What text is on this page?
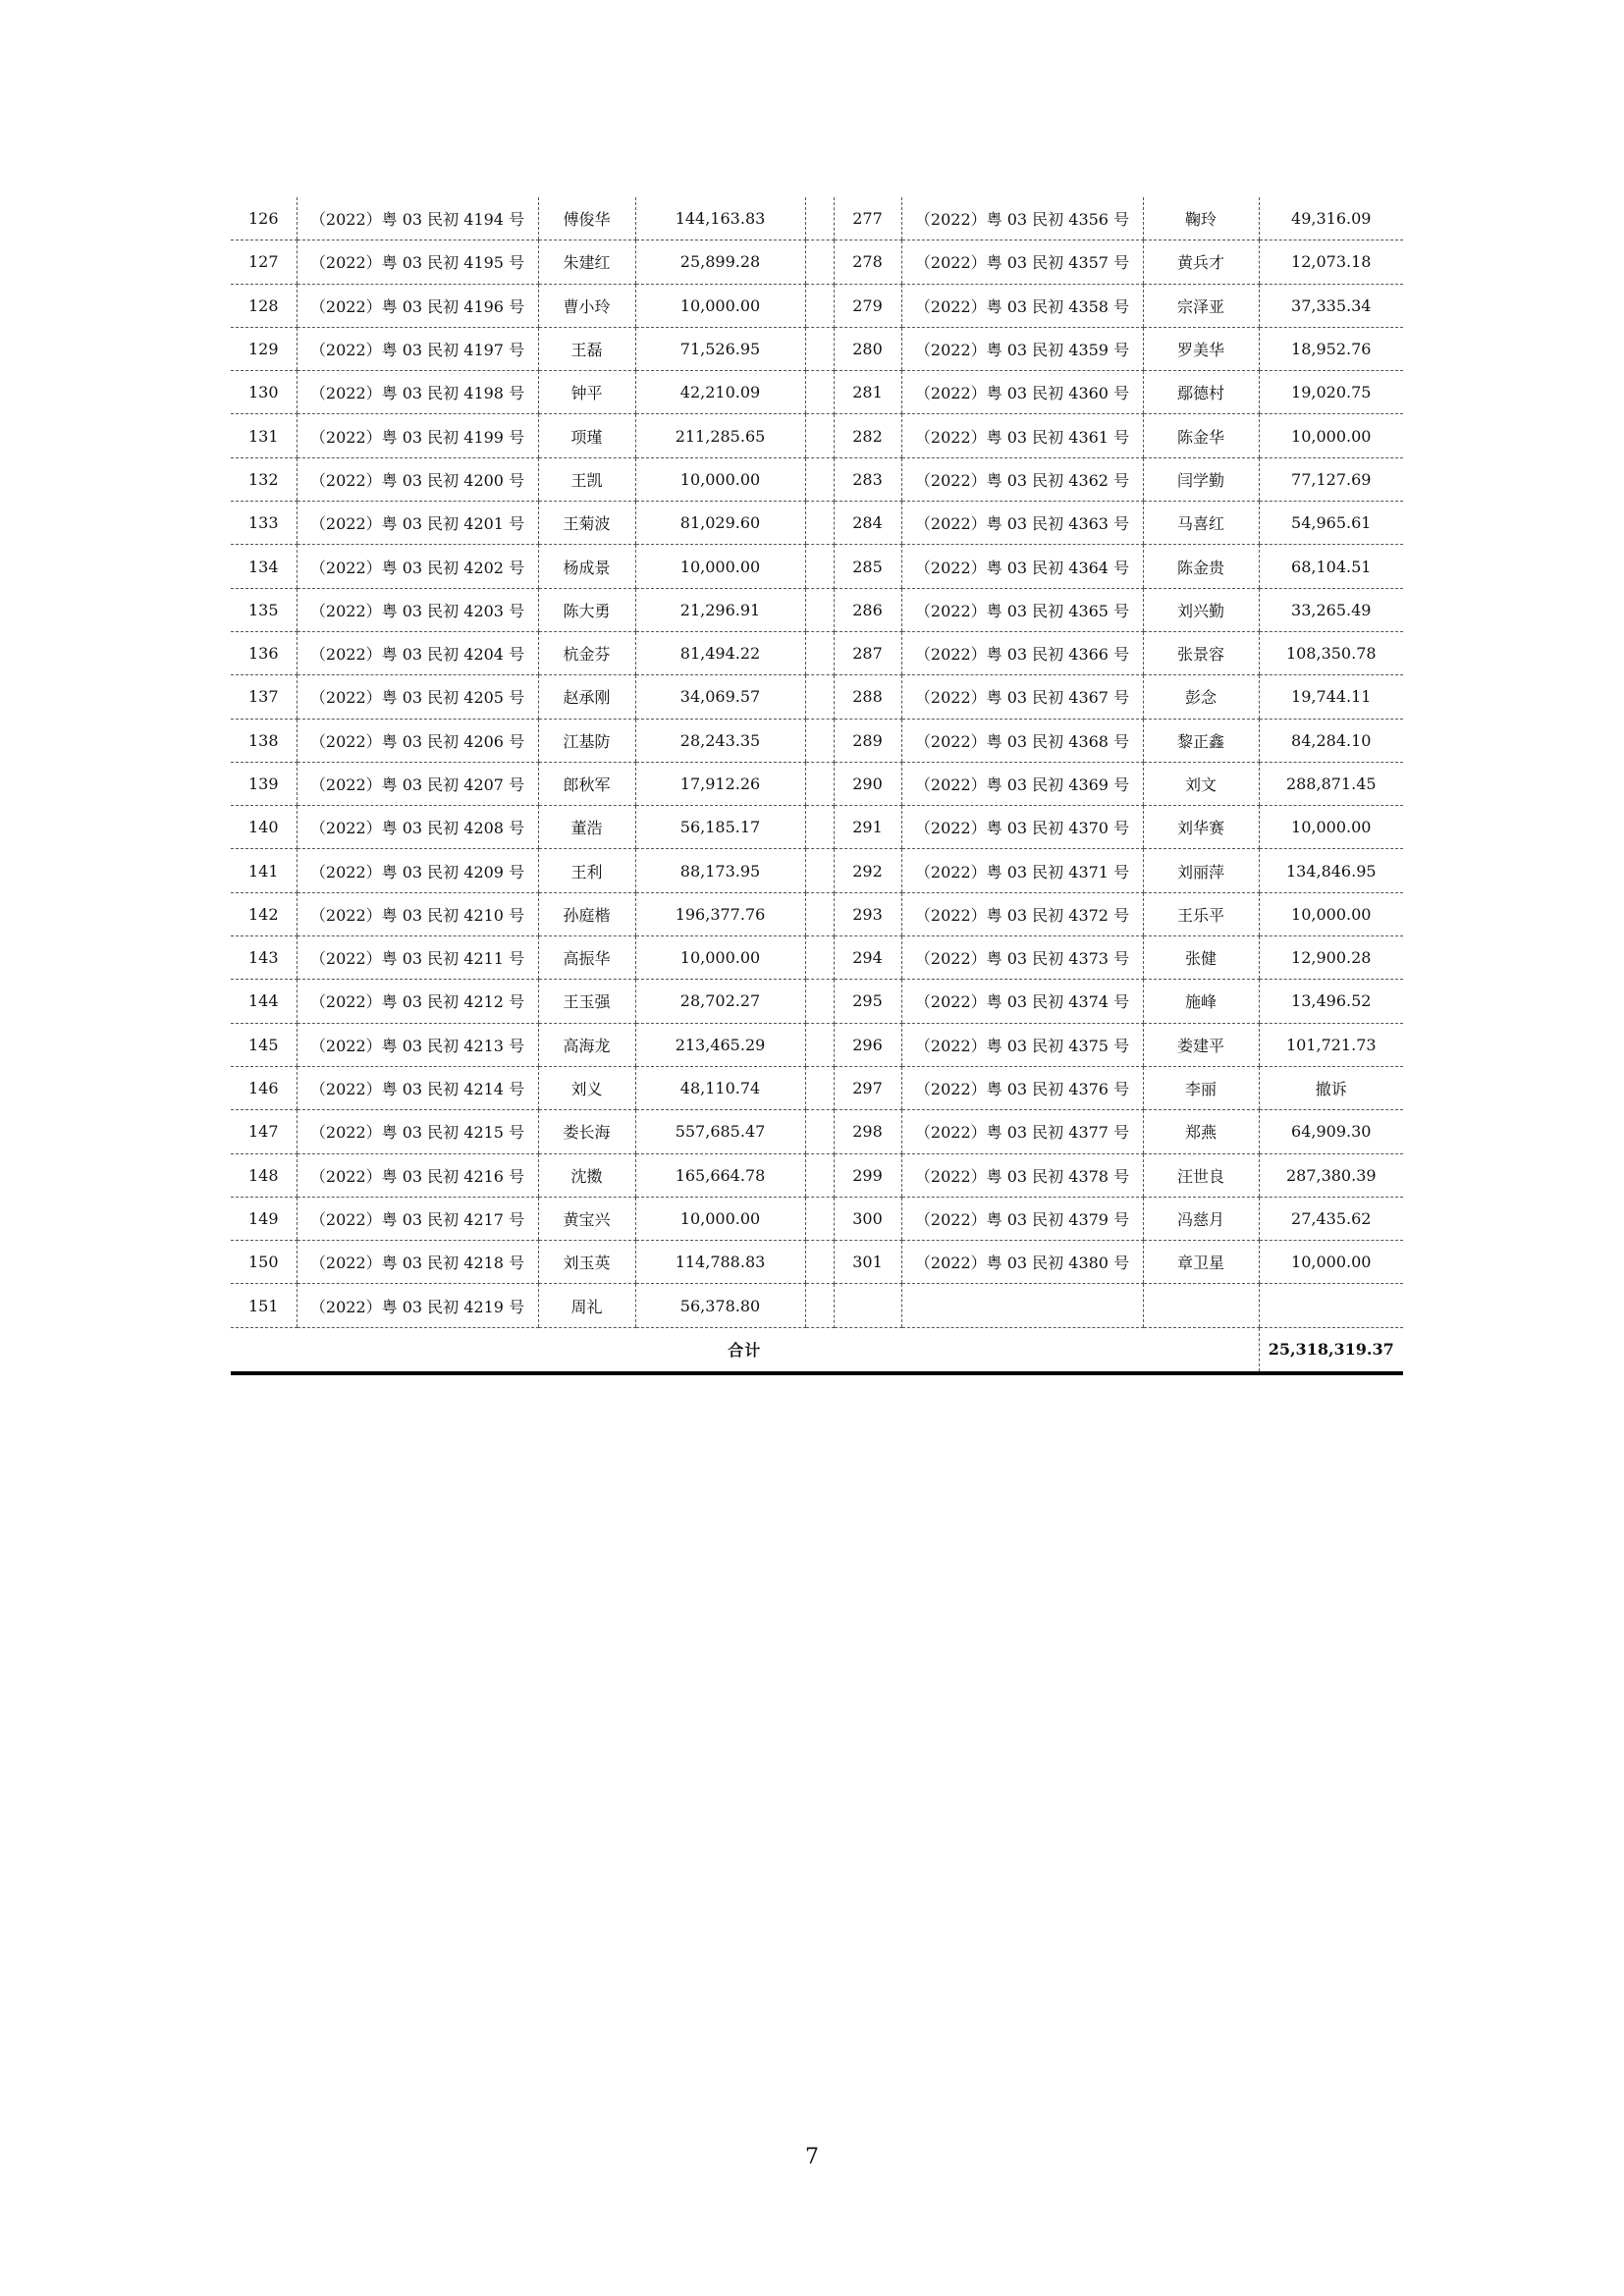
126	（2022）粤 03 民初 4194 号	傅俊华	144,163.83		277	（2022）粤 03 民初 4356 号	鞠玲	49,316.09
127	（2022）粤 03 民初 4195 号	朱建红	25,899.28		278	（2022）粤 03 民初 4357 号	黄兵才	12,073.18
128	（2022）粤 03 民初 4196 号	曹小玲	10,000.00		279	（2022）粤 03 民初 4358 号	宗泽亚	37,335.34
129	（2022）粤 03 民初 4197 号	王磊	71,526.95		280	（2022）粤 03 民初 4359 号	罗美华	18,952.76
130	（2022）粤 03 民初 4198 号	钟平	42,210.09		281	（2022）粤 03 民初 4360 号	鄢德村	19,020.75
131	（2022）粤 03 民初 4199 号	项瑾	211,285.65		282	（2022）粤 03 民初 4361 号	陈金华	10,000.00
132	（2022）粤 03 民初 4200 号	王凯	10,000.00		283	（2022）粤 03 民初 4362 号	闫学勤	77,127.69
133	（2022）粤 03 民初 4201 号	王菊波	81,029.60		284	（2022）粤 03 民初 4363 号	马喜红	54,965.61
134	（2022）粤 03 民初 4202 号	杨成景	10,000.00		285	（2022）粤 03 民初 4364 号	陈金贵	68,104.51
135	（2022）粤 03 民初 4203 号	陈大勇	21,296.91		286	（2022）粤 03 民初 4365 号	刘兴勤	33,265.49
136	（2022）粤 03 民初 4204 号	杭金芬	81,494.22		287	（2022）粤 03 民初 4366 号	张景容	108,350.78
137	（2022）粤 03 民初 4205 号	赵承刚	34,069.57		288	（2022）粤 03 民初 4367 号	彭念	19,744.11
138	（2022）粤 03 民初 4206 号	江基防	28,243.35		289	（2022）粤 03 民初 4368 号	黎正鑫	84,284.10
139	（2022）粤 03 民初 4207 号	郎秋军	17,912.26		290	（2022）粤 03 民初 4369 号	刘文	288,871.45
140	（2022）粤 03 民初 4208 号	董浩	56,185.17		291	（2022）粤 03 民初 4370 号	刘华赛	10,000.00
141	（2022）粤 03 民初 4209 号	王利	88,173.95		292	（2022）粤 03 民初 4371 号	刘丽萍	134,846.95
142	（2022）粤 03 民初 4210 号	孙庭楷	196,377.76		293	（2022）粤 03 民初 4372 号	王乐平	10,000.00
143	（2022）粤 03 民初 4211 号	高振华	10,000.00		294	（2022）粤 03 民初 4373 号	张健	12,900.28
144	（2022）粤 03 民初 4212 号	王玉强	28,702.27		295	（2022）粤 03 民初 4374 号	施峰	13,496.52
145	（2022）粤 03 民初 4213 号	高海龙	213,465.29		296	（2022）粤 03 民初 4375 号	娄建平	101,721.73
146	（2022）粤 03 民初 4214 号	刘义	48,110.74		297	（2022）粤 03 民初 4376 号	李丽	撤诉
147	（2022）粤 03 民初 4215 号	娄长海	557,685.47		298	（2022）粤 03 民初 4377 号	郑燕	64,909.30
148	（2022）粤 03 民初 4216 号	沈擞	165,664.78		299	（2022）粤 03 民初 4378 号	汪世良	287,380.39
149	（2022）粤 03 民初 4217 号	黄宝兴	10,000.00		300	（2022）粤 03 民初 4379 号	冯慈月	27,435.62
150	（2022）粤 03 民初 4218 号	刘玉英	114,788.83		301	（2022）粤 03 民初 4380 号	章卫星	10,000.00
151	（2022）粤 03 民初 4219 号	周礼	56,378.80					
合计								25,318,319.37
7
